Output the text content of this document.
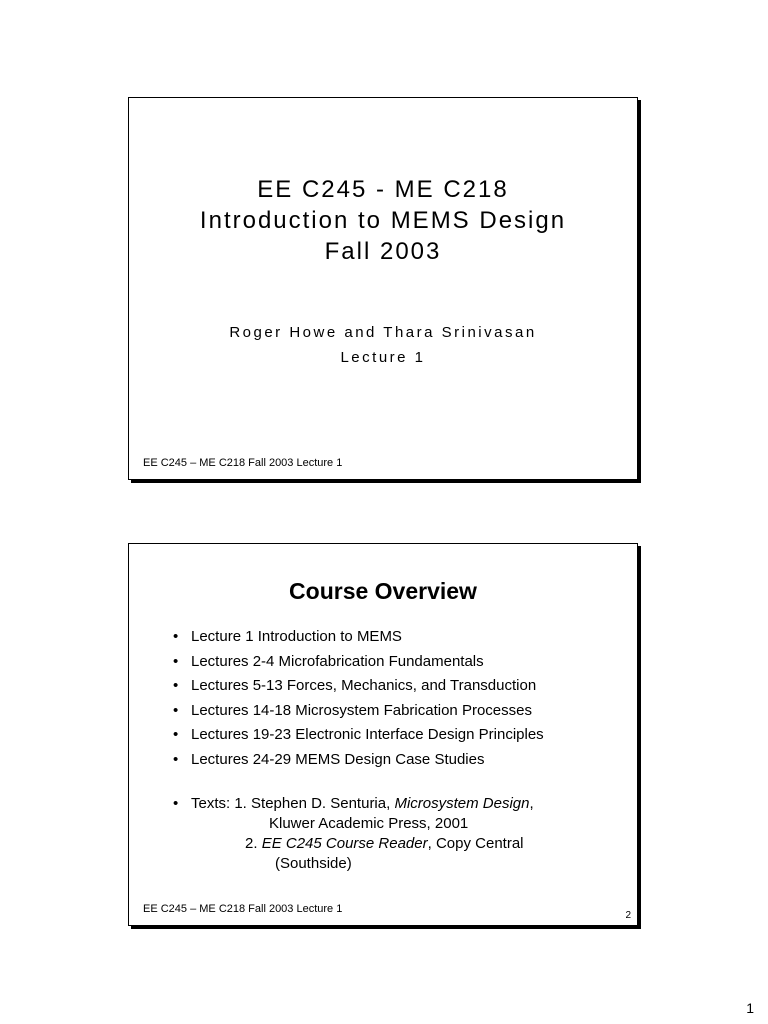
EE C245 - ME C218
Introduction to MEMS Design
Fall 2003
Roger Howe and Thara Srinivasan
Lecture 1
EE C245 – ME C218 Fall 2003 Lecture 1
Course Overview
• Lecture 1 Introduction to MEMS
• Lectures 2-4 Microfabrication Fundamentals
• Lectures 5-13 Forces, Mechanics, and Transduction
• Lectures 14-18 Microsystem Fabrication Processes
• Lectures 19-23 Electronic Interface Design Principles
• Lectures 24-29 MEMS Design Case Studies
• Texts: 1. Stephen D. Senturia, Microsystem Design,
Kluwer Academic Press, 2001
2. EE C245 Course Reader, Copy Central
(Southside)
EE C245 – ME C218 Fall 2003 Lecture 1
2
1
